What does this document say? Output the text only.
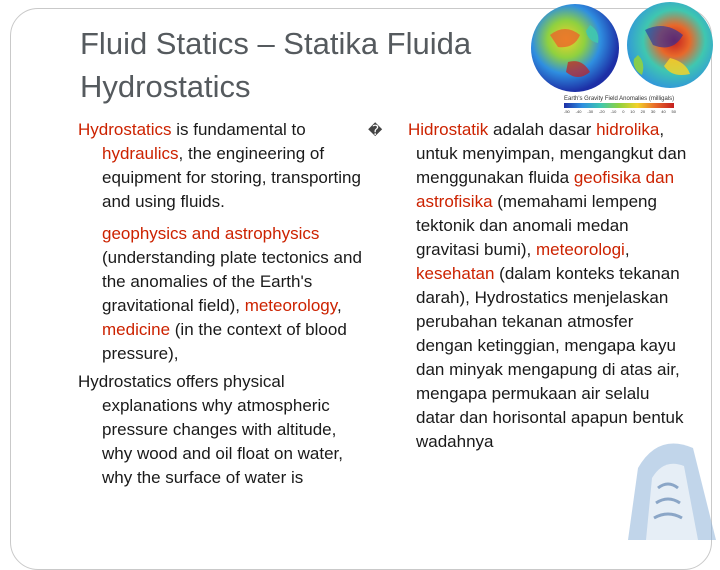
Fluid Statics – Statika Fluida
Hydrostatics	Earth's Gravity Field Anomalies (milligals)
-50 -40 -30 -20 -10 0 10 20 30 40 50

Hydrostatics is fundamental to hydraulics, the engineering of equipment for storing, transporting and using fluids.

geophysics and astrophysics (understanding plate tectonics and the anomalies of the Earth's gravitational field), meteorology, medicine (in the context of blood pressure),

Hydrostatics offers physical explanations why atmospheric pressure changes with altitude, why wood and oil float on water, why the surface of water is

� Hidrostatik adalah dasar hidrolika, untuk menyimpan, mengangkut dan menggunakan fluida geofisika dan astrofisika (memahami lempeng tektonik dan anomali medan gravitasi bumi), meteorologi, kesehatan (dalam konteks tekanan darah), Hydrostatics menjelaskan perubahan tekanan atmosfer dengan ketinggian, mengapa kayu dan minyak mengapung di atas air, mengapa permukaan air selalu datar dan horisontal apapun bentuk wadahnya
